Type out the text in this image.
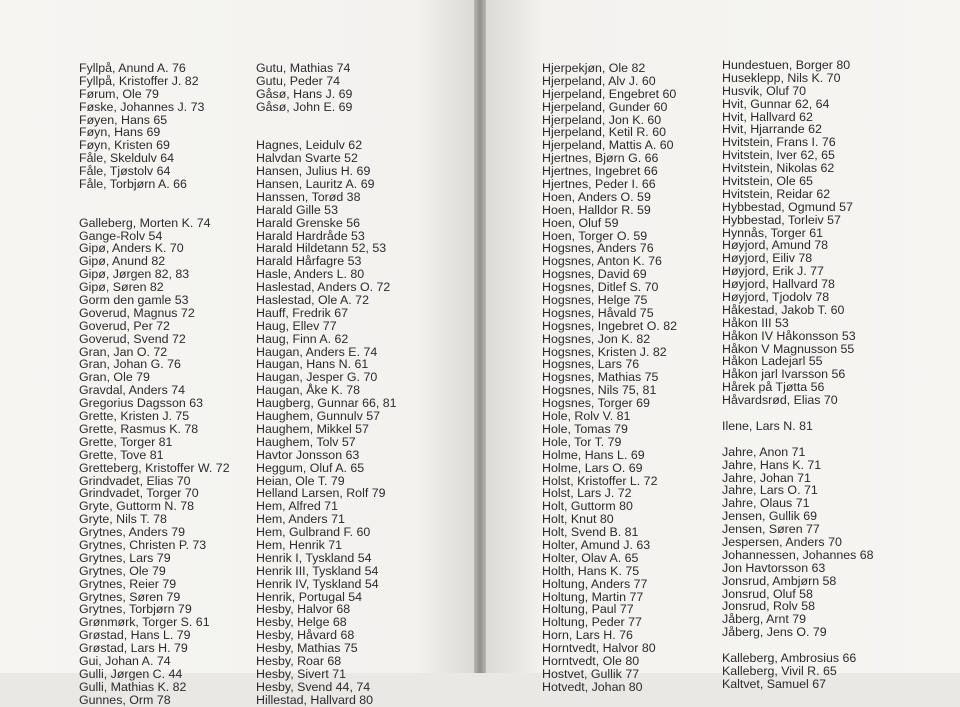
Fyllpå, Anund A. 76
Fyllpå, Kristoffer J. 82
Førum, Ole 79
Føske, Johannes J. 73
Føyen, Hans 65
Føyn, Hans 69
Føyn, Kristen 69
Fåle, Skeldulv 64
Fåle, Tjøstolv 64
Fåle, Torbjørn A. 66
Galleberg, Morten K. 74
Gange-Rolv 54
Gipø, Anders K. 70
Gipø, Anund 82
Gipø, Jørgen 82, 83
Gipø, Søren 82
Gorm den gamle 53
Goverud, Magnus 72
Goverud, Per 72
Goverud, Svend 72
Gran, Jan O. 72
Gran, Johan G. 76
Gran, Ole 79
Gravdal, Anders 74
Gregorius Dagsson 63
Grette, Kristen J. 75
Grette, Rasmus K. 78
Grette, Torger 81
Grette, Tove 81
Gretteberg, Kristoffer W. 72
Grindvadet, Elias 70
Grindvadet, Torger 70
Gryte, Guttorm N. 78
Gryte, Nils T. 78
Grytnes, Anders 79
Grytnes, Christen P. 73
Grytnes, Lars 79
Grytnes, Ole 79
Grytnes, Reier 79
Grytnes, Søren 79
Grytnes, Torbjørn 79
Grønmørk, Torger S. 61
Grøstad, Hans L. 79
Grøstad, Lars H. 79
Gui, Johan A. 74
Gulli, Jørgen C. 44
Gulli, Mathias K. 82
Gunnes, Orm 78
Gutu, Mathias 74
Gutu, Peder 74
Gåsø, Hans J. 69
Gåsø, John E. 69
Hagnes, Leidulv 62
Halvdan Svarte 52
Hansen, Julius H. 69
Hansen, Lauritz A. 69
Hanssen, Torød 38
Harald Gille 53
Harald Grenske 56
Harald Hardråde 53
Harald Hildetann 52, 53
Harald Hårfagre 53
Hasle, Anders L. 80
Haslestad, Anders O. 72
Haslestad, Ole A. 72
Hauff, Fredrik 67
Haug, Ellev 77
Haug, Finn A. 62
Haugan, Anders E. 74
Haugan, Hans N. 61
Haugan, Jesper G. 70
Haugan, Åke K. 78
Haugberg, Gunnar 66, 81
Haughem, Gunnulv 57
Haughem, Mikkel 57
Haughem, Tolv 57
Havtor Jonsson 63
Heggum, Oluf A. 65
Heian, Ole T. 79
Helland Larsen, Rolf 79
Hem, Alfred 71
Hem, Anders 71
Hem, Gulbrand F. 60
Hem, Henrik 71
Henrik I, Tyskland 54
Henrik III, Tyskland 54
Henrik IV, Tyskland 54
Henrik, Portugal 54
Hesby, Halvor 68
Hesby, Helge 68
Hesby, Håvard 68
Hesby, Mathias 75
Hesby, Roar 68
Hesby, Sivert 71
Hesby, Svend 44, 74
Hillestad, Hallvard 80
Hjerpekjøn, Ole 82
Hjerpeland, Alv J. 60
Hjerpeland, Engebret 60
Hjerpeland, Gunder 60
Hjerpeland, Jon K. 60
Hjerpeland, Ketil R. 60
Hjerpeland, Mattis A. 60
Hjertnes, Bjørn G. 66
Hjertnes, Ingebret 66
Hjertnes, Peder I. 66
Hoen, Anders O. 59
Hoen, Halldor R. 59
Hoen, Oluf 59
Hoen, Torger O. 59
Hogsnes, Anders 76
Hogsnes, Anton K. 76
Hogsnes, David 69
Hogsnes, Ditlef S. 70
Hogsnes, Helge 75
Hogsnes, Håvald 75
Hogsnes, Ingebret O. 82
Hogsnes, Jon K. 82
Hogsnes, Kristen J. 82
Hogsnes, Lars 76
Hogsnes, Mathias 75
Hogsnes, Nils 75, 81
Hogsnes, Torger 69
Hole, Rolv V. 81
Hole, Tomas 79
Hole, Tor T. 79
Holme, Hans L. 69
Holme, Lars O. 69
Holst, Kristoffer L. 72
Holst, Lars J. 72
Holt, Guttorm 80
Holt, Knut 80
Holt, Svend B. 81
Holter, Amund J. 63
Holter, Olav A. 65
Holth, Hans K. 75
Holtung, Anders 77
Holtung, Martin 77
Holtung, Paul 77
Holtung, Peder 77
Horn, Lars H. 76
Horntvedt, Halvor 80
Horntvedt, Ole 80
Hostvet, Gullik 77
Hotvedt, Johan 80
Hundestuen, Borger 80
Huseklepp, Nils K. 70
Husvik, Oluf 70
Hvit, Gunnar 62, 64
Hvit, Hallvard 62
Hvit, Hjarrande 62
Hvitstein, Frans I. 76
Hvitstein, Iver 62, 65
Hvitstein, Nikolas 62
Hvitstein, Ole 65
Hvitstein, Reidar 62
Hybbestad, Ogmund 57
Hybbestad, Torleiv 57
Hynnås, Torger 61
Høyjord, Amund 78
Høyjord, Eiliv 78
Høyjord, Erik J. 77
Høyjord, Hallvard 78
Høyjord, Tjodolv 78
Håkestad, Jakob T. 60
Håkon III 53
Håkon IV Håkonsson 53
Håkon V Magnusson 55
Håkon Ladejarl 55
Håkon jarl Ivarsson 56
Hårek på Tjøtta 56
Håvardsrød, Elias 70
Ilene, Lars N. 81
Jahre, Anon 71
Jahre, Hans K. 71
Jahre, Johan 71
Jahre, Lars O. 71
Jahre, Olaus 71
Jensen, Gullik 69
Jensen, Søren 77
Jespersen, Anders 70
Johannessen, Johannes 68
Jon Havtorsson 63
Jonsrud, Ambjørn 58
Jonsrud, Oluf 58
Jonsrud, Rolv 58
Jåberg, Arnt 79
Jåberg, Jens O. 79
Kalleberg, Ambrosius 66
Kalleberg, Vivil R. 65
Kaltvet, Samuel 67
